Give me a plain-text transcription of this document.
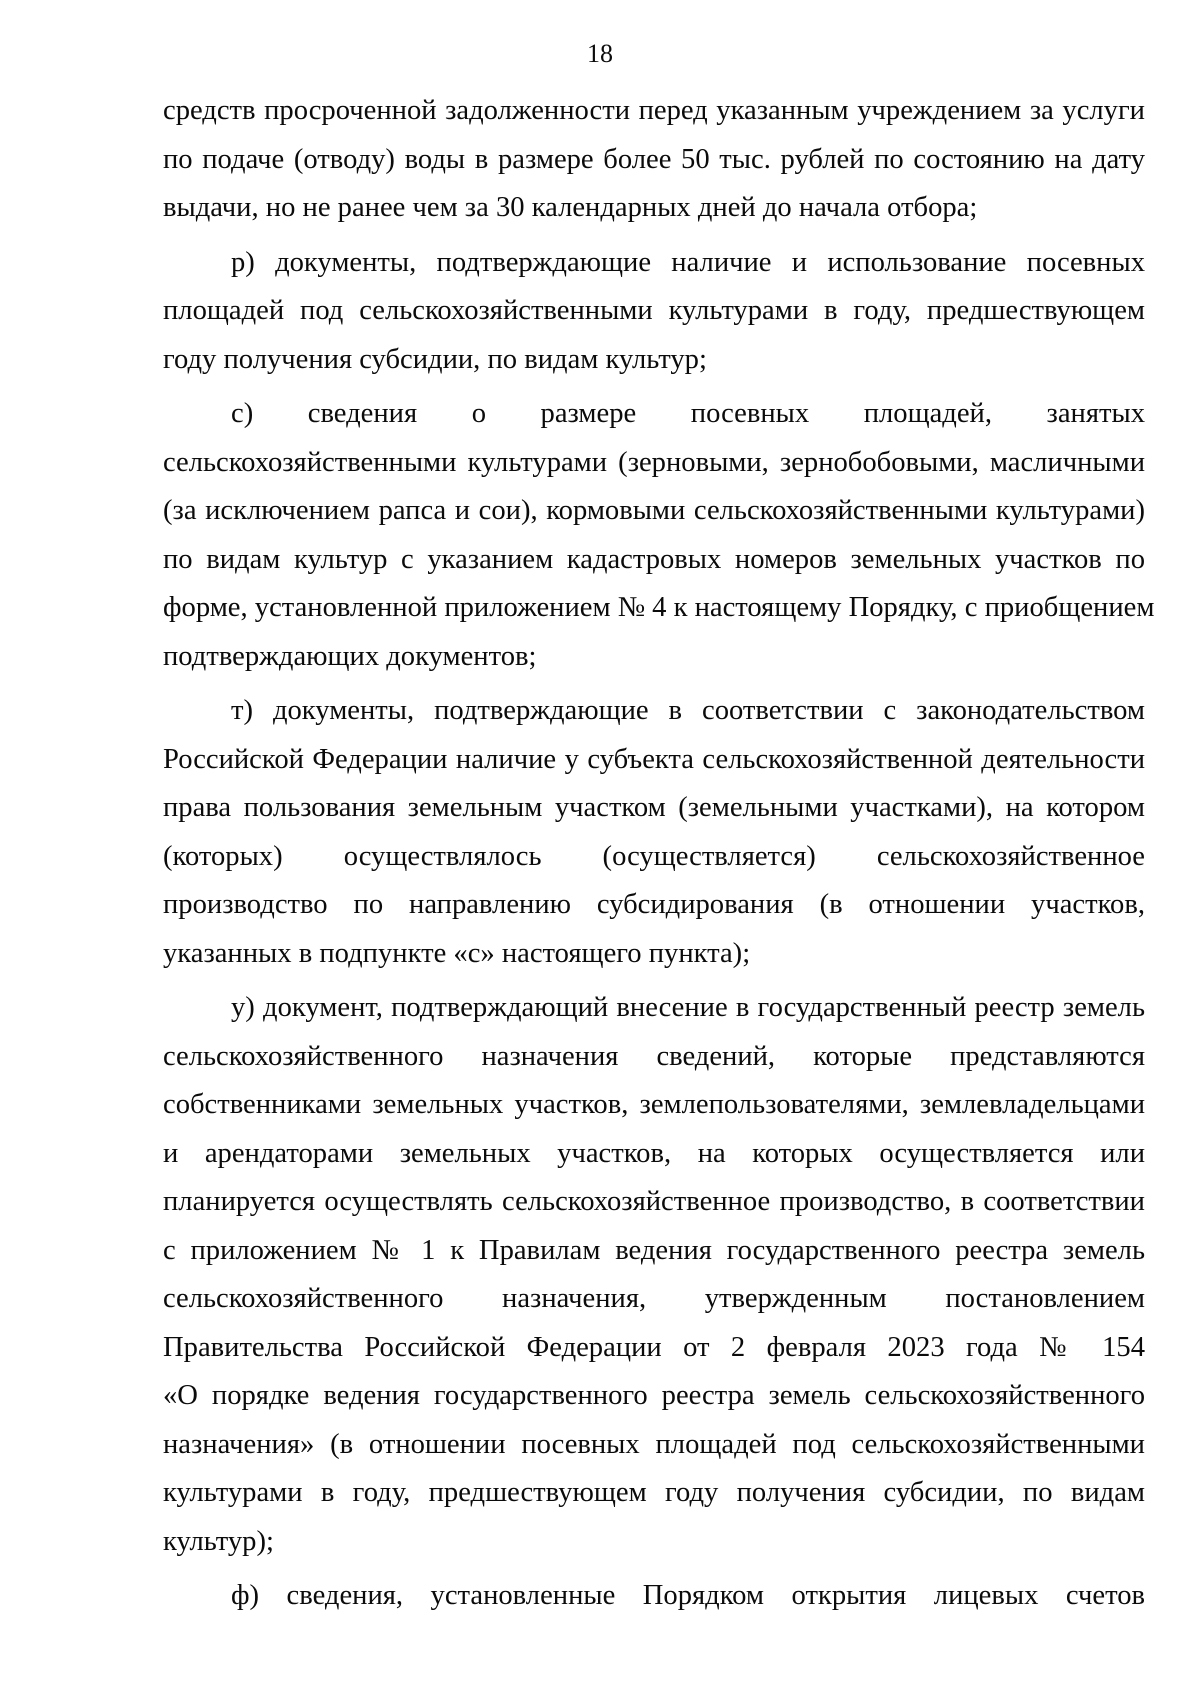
18
средств просроченной задолженности перед указанным учреждением за услуги
по подаче (отводу) воды в размере более 50 тыс. рублей по состоянию на дату
выдачи, но не ранее чем за 30 календарных дней до начала отбора;
р) документы, подтверждающие наличие и использование посевных
площадей под сельскохозяйственными культурами в году, предшествующем
году получения субсидии, по видам культур;
с) сведения о размере посевных площадей, занятых
сельскохозяйственными культурами (зерновыми, зернобобовыми, масличными
(за исключением рапса и сои), кормовыми сельскохозяйственными культурами)
по видам культур с указанием кадастровых номеров земельных участков по
форме, установленной приложением № 4 к настоящему Порядку, с приобщением
подтверждающих документов;
т) документы, подтверждающие в соответствии с законодательством
Российской Федерации наличие у субъекта сельскохозяйственной деятельности
права пользования земельным участком (земельными участками), на котором
(которых) осуществлялось (осуществляется) сельскохозяйственное
производство по направлению субсидирования (в отношении участков,
указанных в подпункте «с» настоящего пункта);
у) документ, подтверждающий внесение в государственный реестр земель
сельскохозяйственного назначения сведений, которые представляются
собственниками земельных участков, землепользователями, землевладельцами
и арендаторами земельных участков, на которых осуществляется или
планируется осуществлять сельскохозяйственное производство, в соответствии
с приложением № 1 к Правилам ведения государственного реестра земель
сельскохозяйственного назначения, утвержденным постановлением
Правительства Российской Федерации от 2 февраля 2023 года № 154
«О порядке ведения государственного реестра земель сельскохозяйственного
назначения» (в отношении посевных площадей под сельскохозяйственными
культурами в году, предшествующем году получения субсидии, по видам
культур);
ф) сведения, установленные Порядком открытия лицевых счетов
